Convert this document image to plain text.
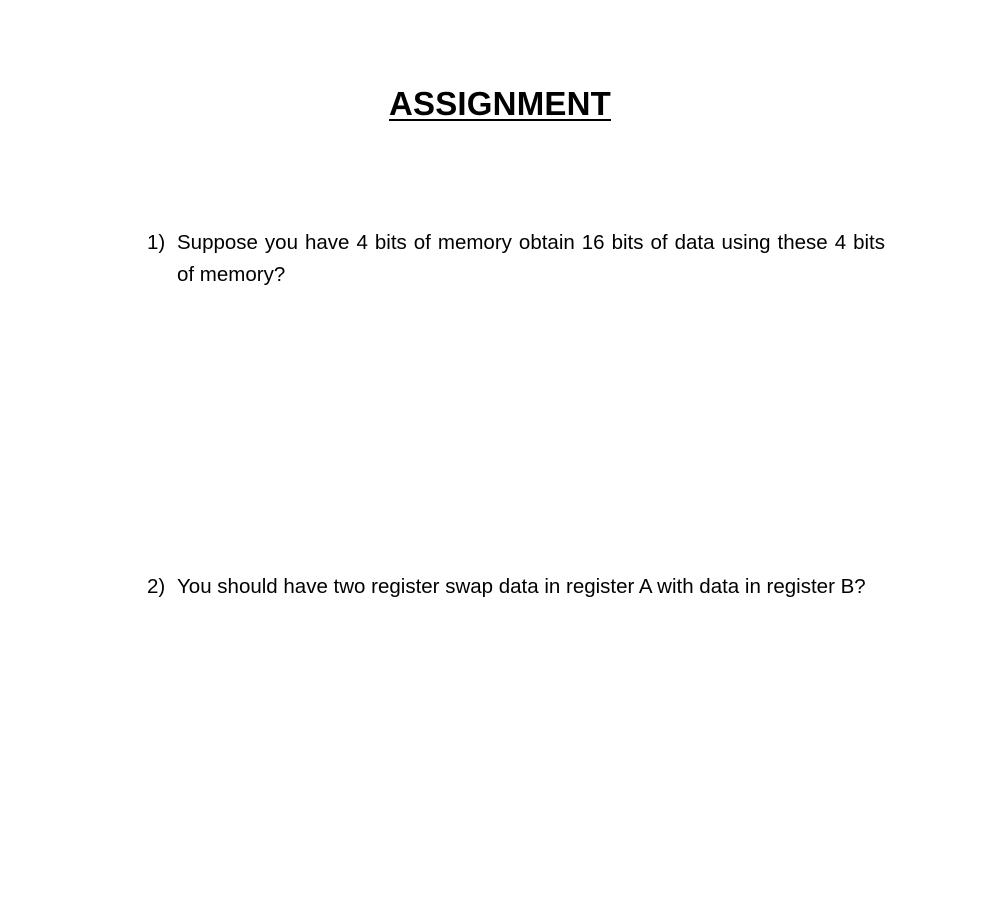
ASSIGNMENT
1) Suppose you have 4 bits of memory obtain 16 bits of data using these 4 bits of memory?
2) You should have two register swap data in register A with data in register B?
